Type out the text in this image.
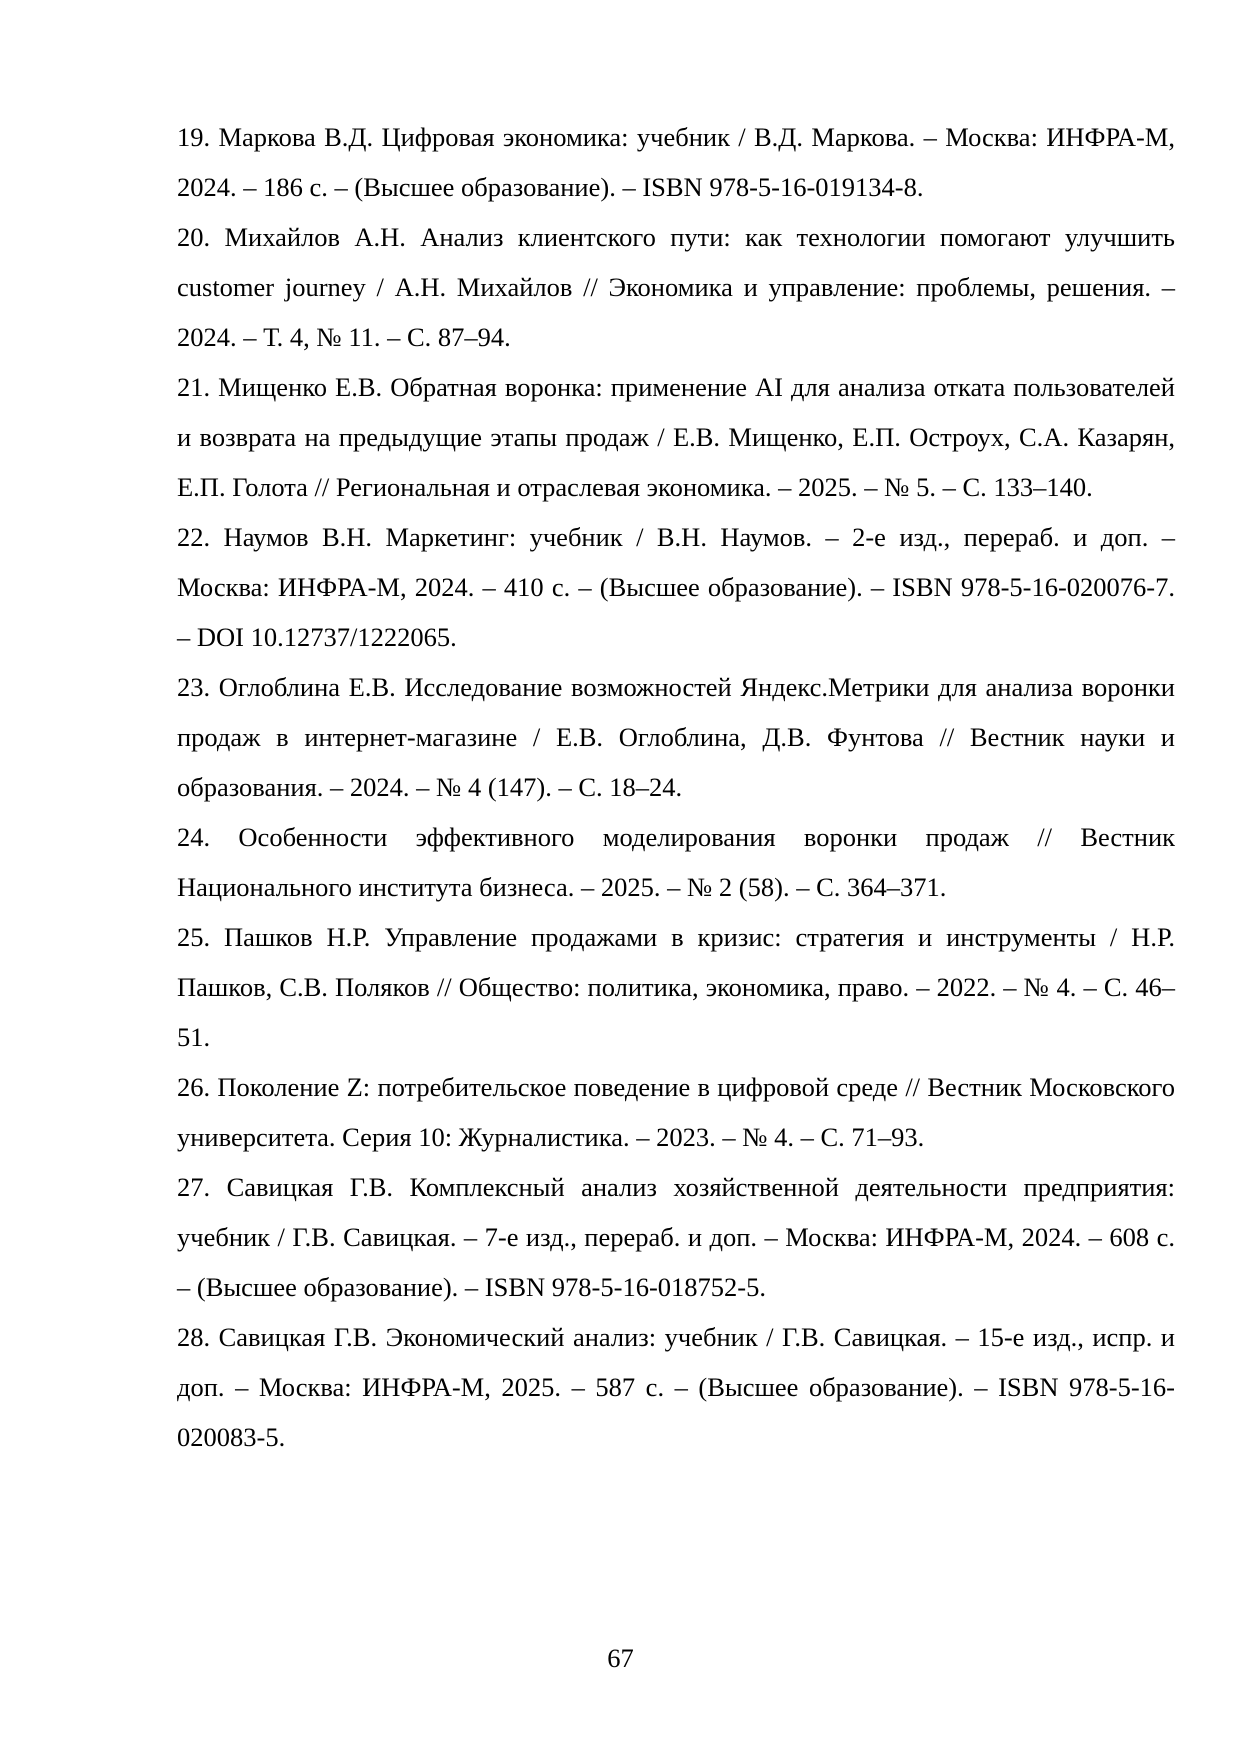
19. Маркова В.Д. Цифровая экономика: учебник / В.Д. Маркова. – Москва: ИНФРА-М, 2024. – 186 с. – (Высшее образование). – ISBN 978-5-16-019134-8.
20. Михайлов А.Н. Анализ клиентского пути: как технологии помогают улучшить customer journey / А.Н. Михайлов // Экономика и управление: проблемы, решения. – 2024. – Т. 4, № 11. – С. 87–94.
21. Мищенко Е.В. Обратная воронка: применение AI для анализа отката пользователей и возврата на предыдущие этапы продаж / Е.В. Мищенко, Е.П. Остроух, С.А. Казарян, Е.П. Голота // Региональная и отраслевая экономика. – 2025. – № 5. – С. 133–140.
22. Наумов В.Н. Маркетинг: учебник / В.Н. Наумов. – 2-е изд., перераб. и доп. – Москва: ИНФРА-М, 2024. – 410 с. – (Высшее образование). – ISBN 978-5-16-020076-7. – DOI 10.12737/1222065.
23. Оглоблина Е.В. Исследование возможностей Яндекс.Метрики для анализа воронки продаж в интернет-магазине / Е.В. Оглоблина, Д.В. Фунтова // Вестник науки и образования. – 2024. – № 4 (147). – С. 18–24.
24. Особенности эффективного моделирования воронки продаж // Вестник Национального института бизнеса. – 2025. – № 2 (58). – С. 364–371.
25. Пашков Н.Р. Управление продажами в кризис: стратегия и инструменты / Н.Р. Пашков, С.В. Поляков // Общество: политика, экономика, право. – 2022. – № 4. – С. 46–51.
26. Поколение Z: потребительское поведение в цифровой среде // Вестник Московского университета. Серия 10: Журналистика. – 2023. – № 4. – С. 71–93.
27. Савицкая Г.В. Комплексный анализ хозяйственной деятельности предприятия: учебник / Г.В. Савицкая. – 7-е изд., перераб. и доп. – Москва: ИНФРА-М, 2024. – 608 с. – (Высшее образование). – ISBN 978-5-16-018752-5.
28. Савицкая Г.В. Экономический анализ: учебник / Г.В. Савицкая. – 15-е изд., испр. и доп. – Москва: ИНФРА-М, 2025. – 587 с. – (Высшее образование). – ISBN 978-5-16-020083-5.
67
